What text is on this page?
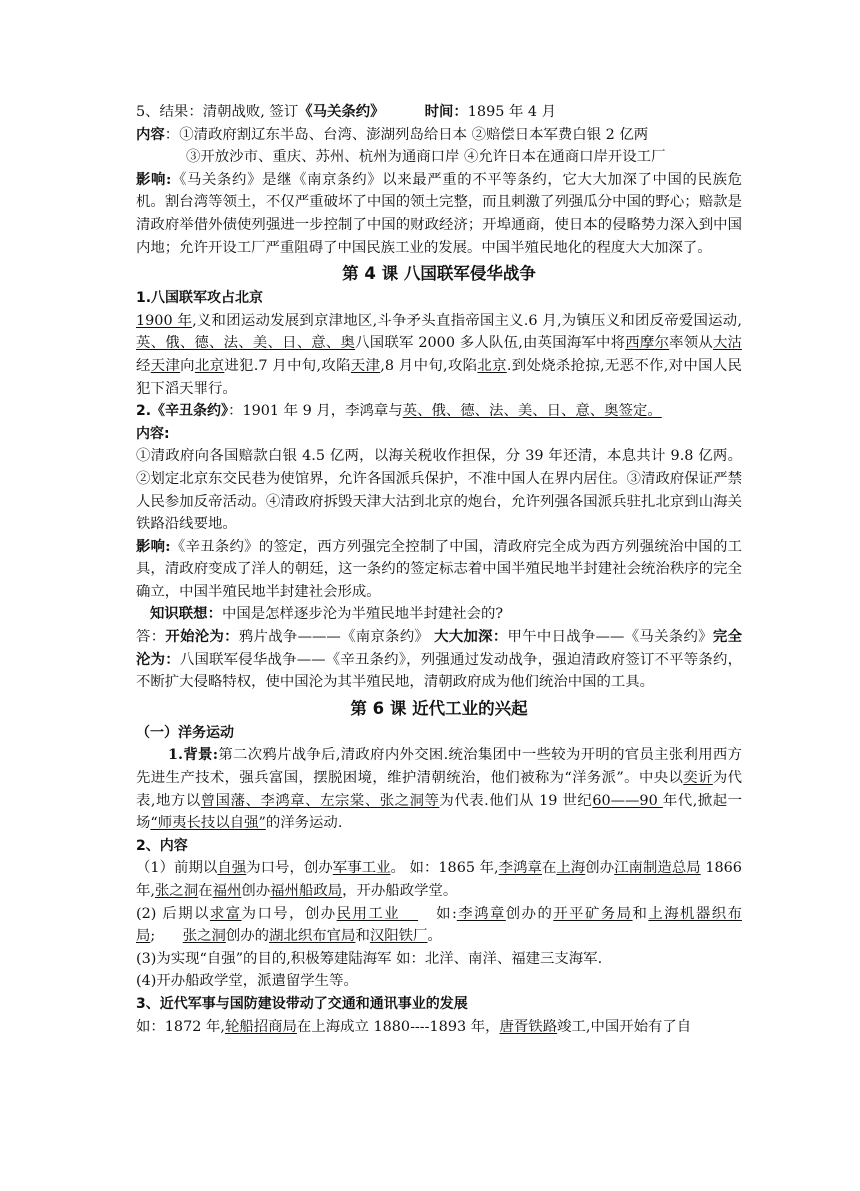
5、结果：清朝战败, 签订《马关条约》	时间：1895 年 4 月

内容：①清政府割辽东半岛、台湾、澎湖列岛给日本 ②赔偿日本军费白银 2 亿两

③开放沙市、重庆、苏州、杭州为通商口岸 ④允许日本在通商口岸开设工厂

影响:《马关条约》是继《南京条约》以来最严重的不平等条约，它大大加深了中国的民族危机。割台湾等领土，不仅严重破坏了中国的领土完整，而且刺激了列强瓜分中国的野心；赔款是清政府举借外债使列强进一步控制了中国的财政经济；开埠通商，使日本的侵略势力深入到中国内地；允许开设工厂严重阻碍了中国民族工业的发展。中国半殖民地化的程度大大加深了。

第 4 课 八国联军侵华战争

1.八国联军攻占北京

1900 年,义和团运动发展到京津地区,斗争矛头直指帝国主义.6 月,为镇压义和团反帝爱国运动,英、俄、德、法、美、日、意、奥八国联军 2000 多人队伍,由英国海军中将西摩尔率领从大沽经天津向北京进犯.7 月中旬,攻陷天津,8 月中旬,攻陷北京.到处烧杀抢掠,无恶不作,对中国人民犯下滔天罪行。

2.《辛丑条约》：1901 年 9 月，李鸿章与英、俄、德、法、美、日、意、奥签定。

内容:

①清政府向各国赔款白银 4.5 亿两，以海关税收作担保，分 39 年还清，本息共计 9.8 亿两。②划定北京东交民巷为使馆界，允许各国派兵保护，不准中国人在界内居住。③清政府保证严禁人民参加反帝活动。④清政府拆毁天津大沽到北京的炮台，允许列强各国派兵驻扎北京到山海关铁路沿线要地。

影响:《辛丑条约》的签定，西方列强完全控制了中国，清政府完全成为西方列强统治中国的工具，清政府变成了洋人的朝廷，这一条约的签定标志着中国半殖民地半封建社会统治秩序的完全确立，中国半殖民地半封建社会形成。

知识联想：中国是怎样逐步沦为半殖民地半封建社会的?

答：开始沦为：鸦片战争———《南京条约》 大大加深：甲午中日战争——《马关条约》完全沦为：八国联军侵华战争——《辛丑条约》，列强通过发动战争，强迫清政府签订不平等条约，不断扩大侵略特权，使中国沦为其半殖民地，清朝政府成为他们统治中国的工具。

第 6 课 近代工业的兴起

（一）洋务运动

1.背景:第二次鸦片战争后,清政府内外交困.统治集团中一些较为开明的官员主张利用西方先进生产技术，强兵富国，摆脱困境，维护清朝统治，他们被称为“洋务派”。中央以奕䜣为代表,地方以曾国藩、李鸿章、左宗棠、张之洞等为代表.他们从 19 世纪60——90 年代,掀起一场“师夷长技以自强”的洋务运动.

2、内容

（1）前期以自强为口号，创办军事工业。 如：1865 年,李鸿章在上海创办江南制造总局 1866 年,张之洞在福州创办福州船政局，开办船政学堂。

(2) 后期以求富为口号，创办民用工业      如:李鸿章创办的开平矿务局和上海机器织布局;      张之洞创办的湖北织布官局和汉阳铁厂。

(3)为实现“自强”的目的,积极筹建陆海军 如：北洋、南洋、福建三支海军.

(4)开办船政学堂，派遣留学生等。

3、近代军事与国防建设带动了交通和通讯事业的发展

如：1872 年,轮船招商局在上海成立 1880----1893 年，唐胥铁路竣工,中国开始有了自
